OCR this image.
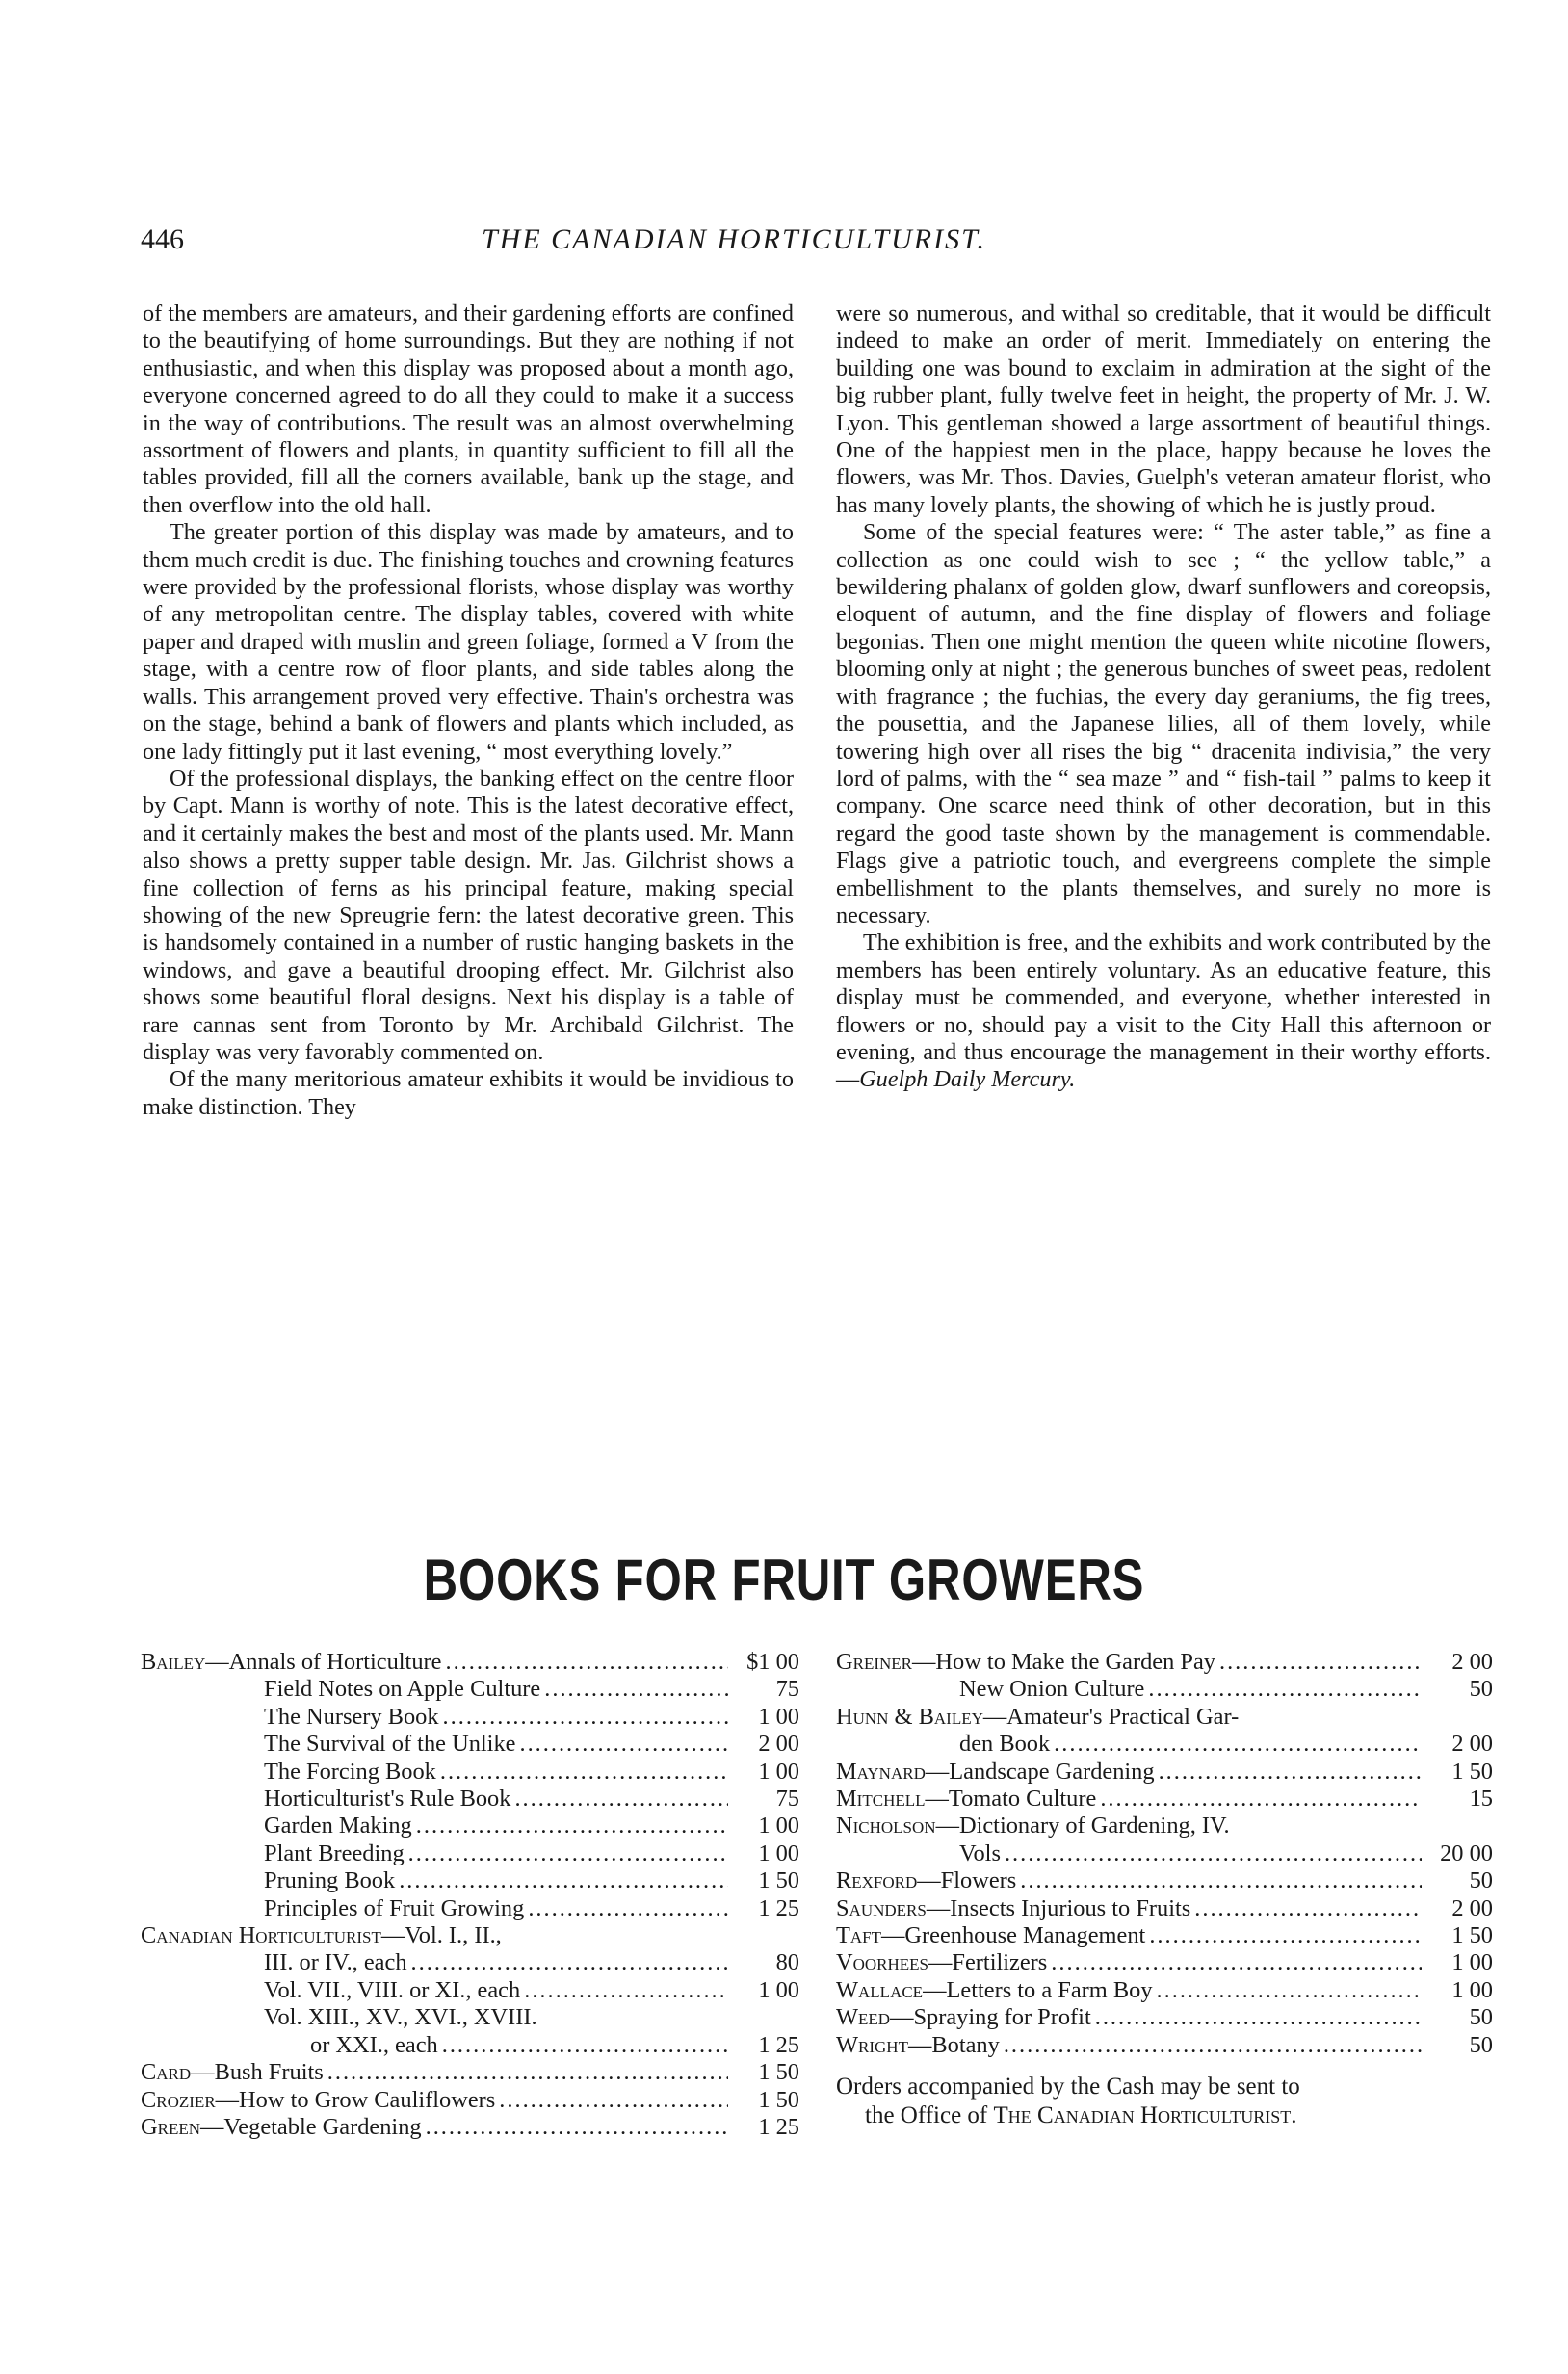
446	THE CANADIAN HORTICULTURIST.

of the members are amateurs, and their gardening efforts are confined to the beautifying of home surroundings. But they are nothing if not enthusiastic, and when this display was proposed about a month ago, everyone concerned agreed to do all they could to make it a success in the way of contributions. The result was an almost overwhelming assortment of flowers and plants, in quantity sufficient to fill all the tables provided, fill all the corners available, bank up the stage, and then overflow into the old hall.

The greater portion of this display was made by amateurs, and to them much credit is due. The finishing touches and crowning features were provided by the professional florists, whose display was worthy of any metropolitan centre. The display tables, covered with white paper and draped with muslin and green foliage, formed a V from the stage, with a centre row of floor plants, and side tables along the walls. This arrangement proved very effective. Thain's orchestra was on the stage, behind a bank of flowers and plants which included, as one lady fittingly put it last evening, “ most everything lovely.”

Of the professional displays, the banking effect on the centre floor by Capt. Mann is worthy of note. This is the latest decorative effect, and it certainly makes the best and most of the plants used. Mr. Mann also shows a pretty supper table design. Mr. Jas. Gilchrist shows a fine collection of ferns as his principal feature, making special showing of the new Spreugrie fern: the latest decorative green. This is handsomely contained in a number of rustic hanging baskets in the windows, and gave a beautiful drooping effect. Mr. Gilchrist also shows some beautiful floral designs. Next his display is a table of rare cannas sent from Toronto by Mr. Archibald Gilchrist. The display was very favorably commented on.

Of the many meritorious amateur exhibits it would be invidious to make distinction. They

were so numerous, and withal so creditable, that it would be difficult indeed to make an order of merit. Immediately on entering the building one was bound to exclaim in admiration at the sight of the big rubber plant, fully twelve feet in height, the property of Mr. J. W. Lyon. This gentleman showed a large assortment of beautiful things. One of the happiest men in the place, happy because he loves the flowers, was Mr. Thos. Davies, Guelph's veteran amateur florist, who has many lovely plants, the showing of which he is justly proud.

Some of the special features were: “ The aster table,” as fine a collection as one could wish to see ; “ the yellow table,” a bewildering phalanx of golden glow, dwarf sunflowers and coreopsis, eloquent of autumn, and the fine display of flowers and foliage begonias. Then one might mention the queen white nicotine flowers, blooming only at night ; the generous bunches of sweet peas, redolent with fragrance ; the fuchias, the every day geraniums, the fig trees, the pousettia, and the Japanese lilies, all of them lovely, while towering high over all rises the big “ dracenita indivisia,” the very lord of palms, with the “ sea maze ” and “ fish-tail ” palms to keep it company. One scarce need think of other decoration, but in this regard the good taste shown by the management is commendable. Flags give a patriotic touch, and evergreens complete the simple embellishment to the plants themselves, and surely no more is necessary.

The exhibition is free, and the exhibits and work contributed by the members has been entirely voluntary. As an educative feature, this display must be commended, and everyone, whether interested in flowers or no, should pay a visit to the City Hall this afternoon or evening, and thus encourage the management in their worthy efforts.—Guelph Daily Mercury.

BOOKS FOR FRUIT GROWERS
Bailey—Annals of Horticulture .....	$1 00
Field Notes on Apple Culture .....	75
The Nursery Book .....	1 00
The Survival of the Unlike .....	2 00
The Forcing Book .....	1 00
Horticulturist's Rule Book .....	75
Garden Making .....	1 00
Plant Breeding .....	1 00
Pruning Book .....	1 50
Principles of Fruit Growing .....	1 25
Canadian Horticulturist—Vol. I., II.,
III. or IV., each .....	80
Vol. VII., VIII. or XI., each .....	1 00
Vol. XIII., XV., XVI., XVIII.
or XXI., each .....	1 25
Card—Bush Fruits .....	1 50
Crozier—How to Grow Cauliflowers .....	1 50
Green—Vegetable Gardening .....	1 25
Greiner—How to Make the Garden Pay .....	2 00
New Onion Culture .....	50
Hunn & Bailey—Amateur's Practical Gar-
den Book .....	2 00
Maynard—Landscape Gardening .....	1 50
Mitchell—Tomato Culture .....	15
Nicholson—Dictionary of Gardening, IV.
Vols .....	20 00
Rexford—Flowers .....	50
Saunders—Insects Injurious to Fruits .....	2 00
Taft—Greenhouse Management .....	1 50
Voorhees—Fertilizers .....	1 00
Wallace—Letters to a Farm Boy .....	1 00
Weed—Spraying for Profit .....	50
Wright—Botany .....	50
Orders accompanied by the Cash may be sent to
the Office of The Canadian Horticulturist.
